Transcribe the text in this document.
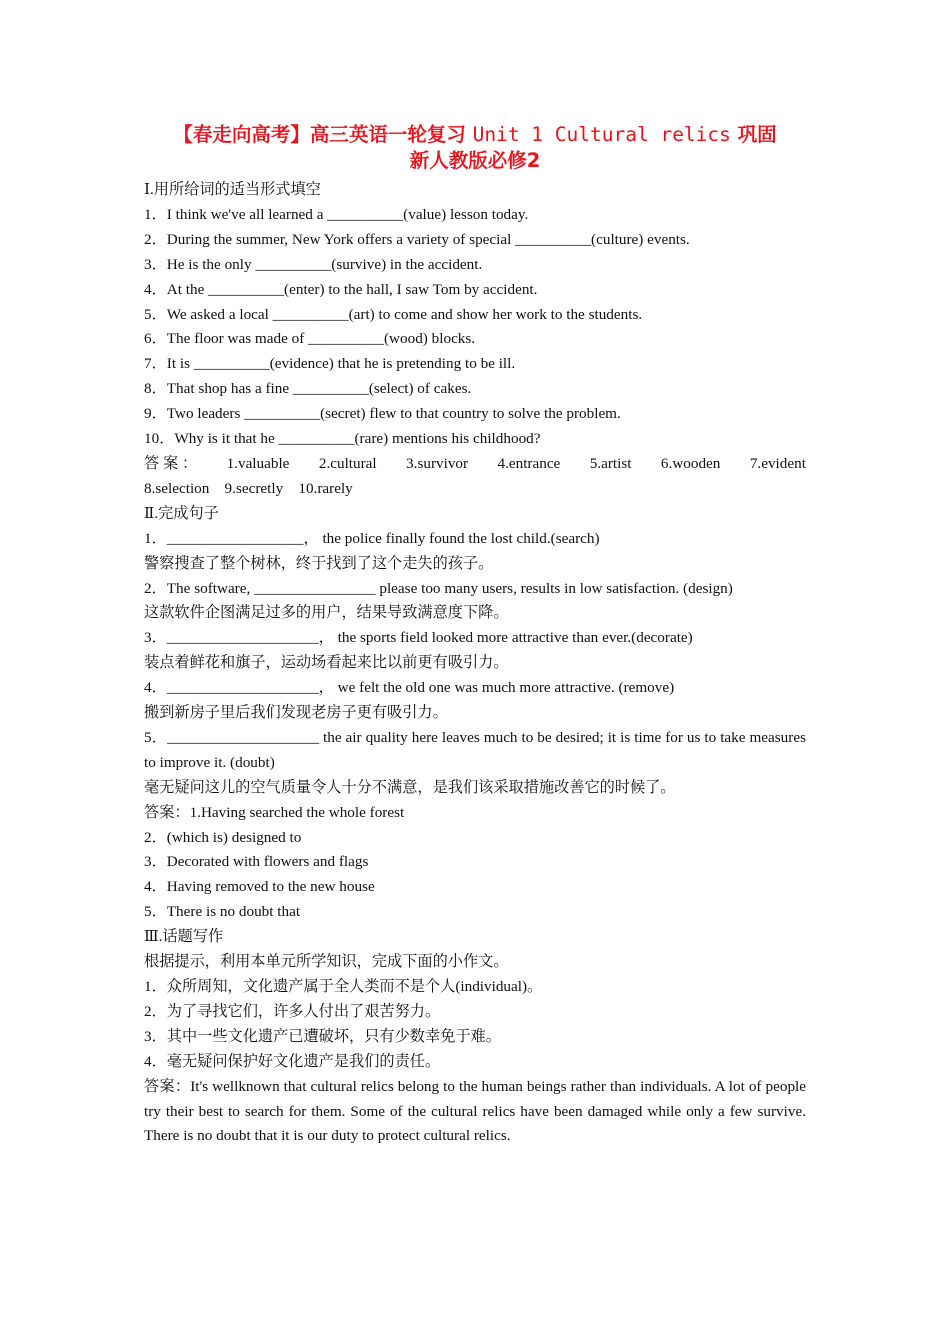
【春走向高考】高三英语一轮复习 Unit 1 Cultural relics 巩固
新人教版必修2
Ⅰ.用所给词的适当形式填空
1．I think we've all learned a __________(value) lesson today.
2．During the summer, New York offers a variety of special __________(culture) events.
3．He is the only __________(survive) in the accident.
4．At the __________(enter) to the hall, I saw Tom by accident.
5．We asked a local __________(art) to come and show her work to the students.
6．The floor was made of __________(wood) blocks.
7．It is __________(evidence) that he is pretending to be ill.
8．That shop has a fine __________(select) of cakes.
9．Two leaders __________(secret) flew to that country to solve the problem.
10．Why is it that he __________(rare) mentions his childhood?
答 案 ： 1.valuable 2.cultural 3.survivor 4.entrance 5.artist 6.wooden 7.evident
8.selection    9.secretly    10.rarely
Ⅱ.完成句子
1．__________________， the police finally found the lost child.(search)
警察搜查了整个树林，终于找到了这个走失的孩子。
2．The software, ________________ please too many users, results in low satisfaction. (design)
这款软件企图满足过多的用户，结果导致满意度下降。
3．____________________， the sports field looked more attractive than ever.(decorate)
装点着鲜花和旗子，运动场看起来比以前更有吸引力。
4．____________________， we felt the old one was much more attractive. (remove)
搬到新房子里后我们发现老房子更有吸引力。
5．____________________ the air quality here leaves much to be desired; it is time for us to take measures to improve it. (doubt)
毫无疑问这儿的空气质量令人十分不满意，是我们该采取措施改善它的时候了。
答案：1.Having searched the whole forest
2．(which is) designed to
3．Decorated with flowers and flags
4．Having removed to the new house
5．There is no doubt that
Ⅲ.话题写作
根据提示，利用本单元所学知识，完成下面的小作文。
1．众所周知，文化遗产属于全人类而不是个人(individual)。
2．为了寻找它们，许多人付出了艰苦努力。
3．其中一些文化遗产已遭破坏，只有少数幸免于难。
4．毫无疑问保护好文化遗产是我们的责任。
答案：It's wellknown that cultural relics belong to the human beings rather than individuals. A lot of people try their best to search for them. Some of the cultural relics have been damaged while only a few survive. There is no doubt that it is our duty to protect cultural relics.
